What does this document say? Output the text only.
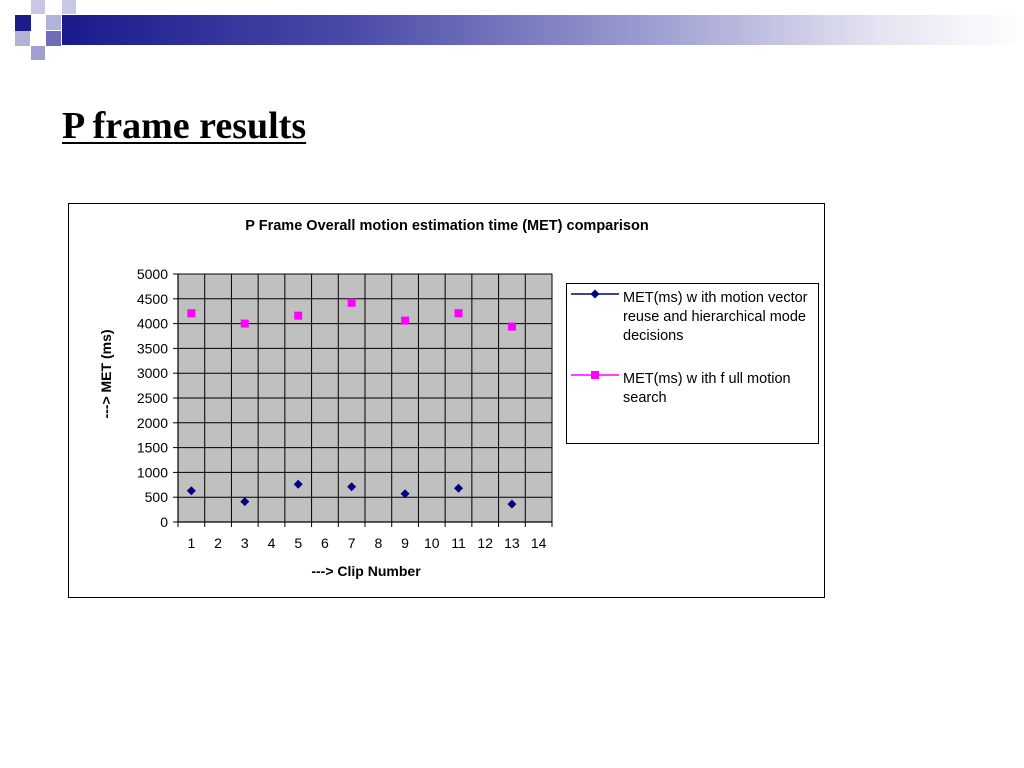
P frame results
P Frame Overall motion estimation time (MET) comparison
0
500
1000
1500
2000
2500
3000
3500
4000
4500
5000
1 2 3 4 5 6 7 8 9 10 11 12 13 14
---> Clip Number
---> MET (ms)
MET(ms) w ith motion vector reuse and hierarchical mode decisions
MET(ms) w ith f ull motion search
